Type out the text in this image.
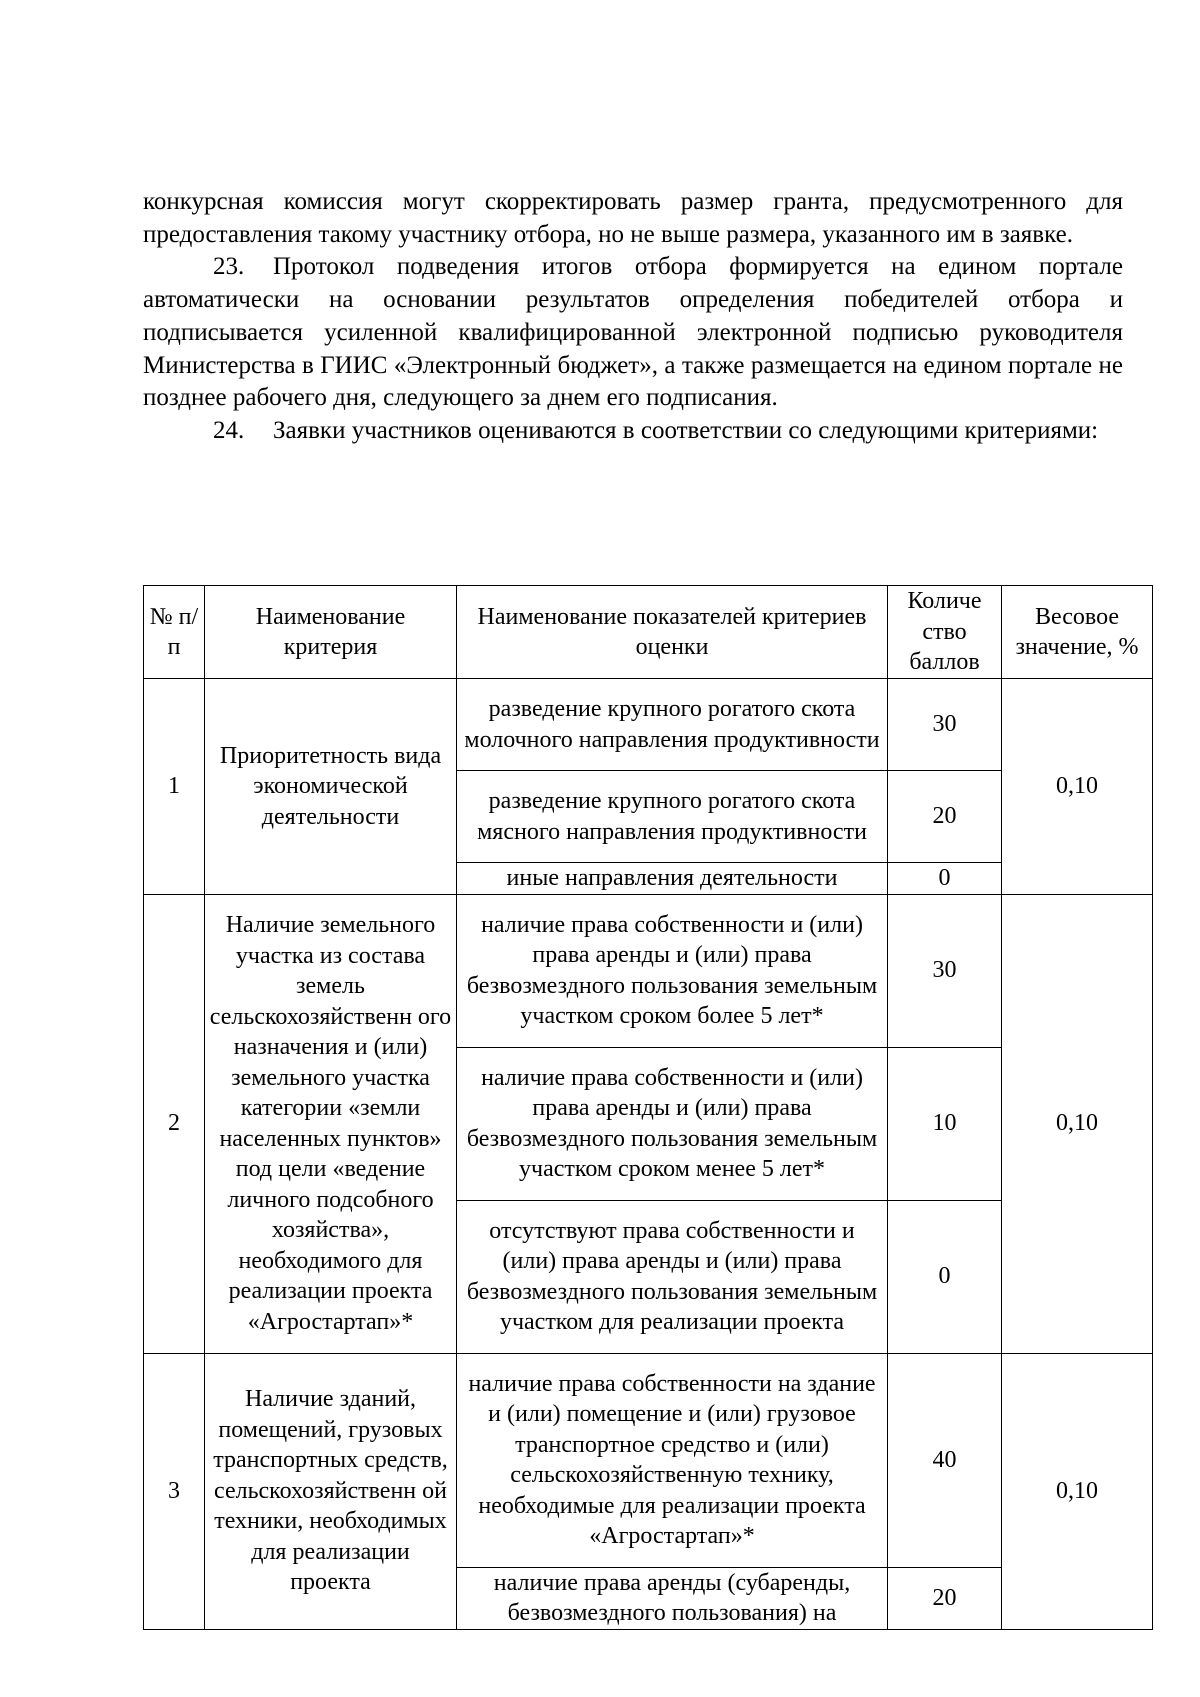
конкурсная комиссия могут скорректировать размер гранта, предусмотренного для предоставления такому участнику отбора, но не выше размера, указанного им в заявке.

23. Протокол подведения итогов отбора формируется на едином портале автоматически на основании результатов определения победителей отбора и подписывается усиленной квалифицированной электронной подписью руководителя Министерства в ГИИС «Электронный бюджет», а также размещается на едином портале не позднее рабочего дня, следующего за днем его подписания.

24. Заявки участников оцениваются в соответствии со следующими критериями:

№ п/п	Наименование критерия	Наименование показателей критериев оценки	Количе ство баллов	Весовое значение, %
1	Приоритетность вида экономической деятельности	разведение крупного рогатого скота молочного направления продуктивности	30	0,10
		разведение крупного рогатого скота мясного направления продуктивности	20	
		иные направления деятельности	0	
2	Наличие земельного участка из состава земель сельскохозяйственн ого назначения и (или) земельного участка категории «земли населенных пунктов» под цели «ведение личного подсобного хозяйства», необходимого для реализации проекта «Агростартап»*	наличие права собственности и (или) права аренды и (или) права безвозмездного пользования земельным участком сроком более 5 лет*	30	0,10
		наличие права собственности и (или) права аренды и (или) права безвозмездного пользования земельным участком сроком менее 5 лет*	10	
		отсутствуют права собственности и (или) права аренды и (или) права безвозмездного пользования земельным участком для реализации проекта	0	
3	Наличие зданий, помещений, грузовых транспортных средств, сельскохозяйственн ой техники, необходимых для реализации проекта	наличие права собственности на здание и (или) помещение и (или) грузовое транспортное средство и (или) сельскохозяйственную технику, необходимые для реализации проекта «Агростартап»*	40	0,10
		наличие права аренды (субаренды, безвозмездного пользования) на	20	
